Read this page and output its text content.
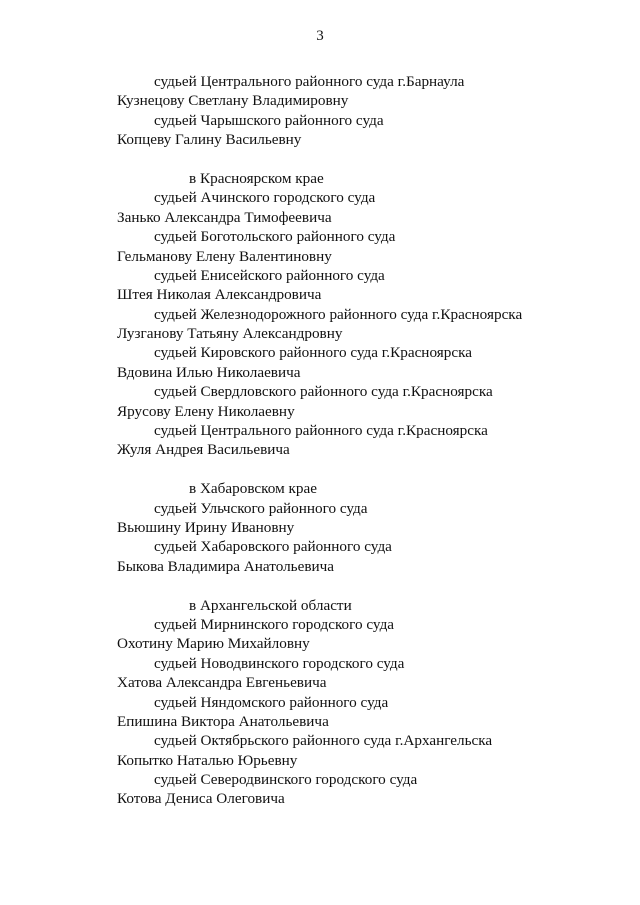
3
судьей Центрального районного суда г.Барнаула
Кузнецову Светлану Владимировну
судьей Чарышского районного суда
Копцеву Галину Васильевну
в Красноярском крае
судьей Ачинского городского суда
Занько Александра Тимофеевича
судьей Боготольского районного суда
Гельманову Елену Валентиновну
судьей Енисейского районного суда
Штея Николая Александровича
судьей Железнодорожного районного суда г.Красноярска
Лузганову Татьяну Александровну
судьей Кировского районного суда г.Красноярска
Вдовина Илью Николаевича
судьей Свердловского районного суда г.Красноярска
Ярусову Елену Николаевну
судьей Центрального районного суда г.Красноярска
Жуля Андрея Васильевича
в Хабаровском крае
судьей Ульчского районного суда
Вьюшину Ирину Ивановну
судьей Хабаровского районного суда
Быкова Владимира Анатольевича
в Архангельской области
судьей Мирнинского городского суда
Охотину Марию Михайловну
судьей Новодвинского городского суда
Хатова Александра Евгеньевича
судьей Няндомского районного суда
Епишина Виктора Анатольевича
судьей Октябрьского районного суда г.Архангельска
Копытко Наталью Юрьевну
судьей Северодвинского городского суда
Котова Дениса Олеговича
